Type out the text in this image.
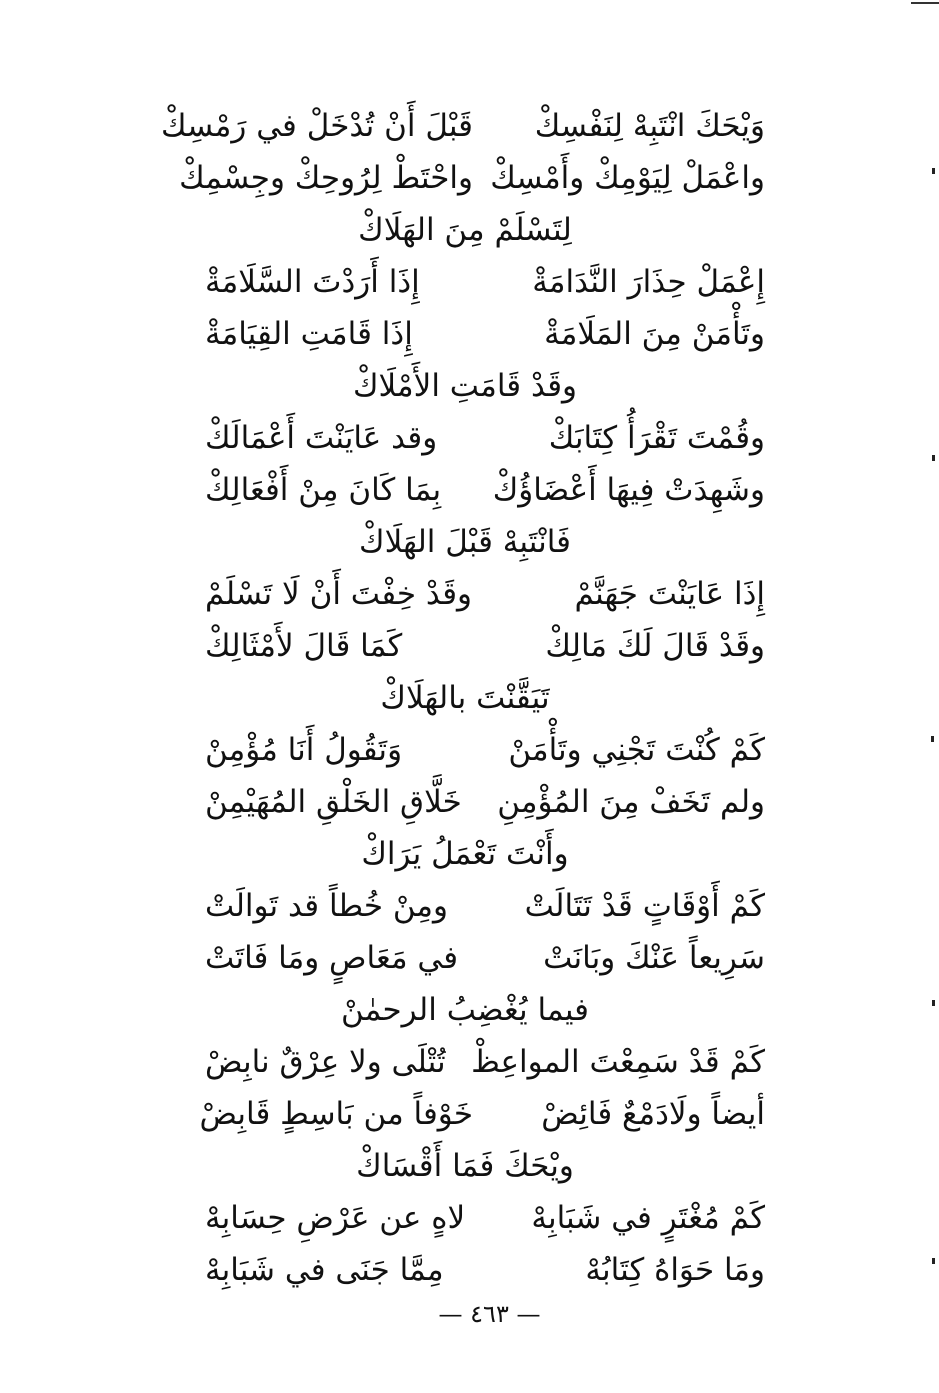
وَيْحَكَ انْتَبِهْ لِنَفْسِكْ
قَبْلَ أَنْ تُدْخَلْ في رَمْسِكْ
واعْمَلْ لِيَوْمِكْ وأَمْسِكْ
واحْتَطْ لِرُوحِكْ وجِسْمِكْ
لِتَسْلَمْ مِنَ الهَلَاكْ
إِعْمَلْ حِذَارَ النَّدَامَةْ
إِذَا أَرَدْتَ السَّلَامَةْ
وتَأْمَنْ مِنَ المَلَامَةْ
إِذَا قَامَتِ القِيَامَةْ
وقَدْ قَامَتِ الأَمْلَاكْ
وقُمْتَ تَقْرَأُ كِتَابَكْ
وقد عَايَنْتَ أَعْمَالَكْ
وشَهِدَتْ فِيهَا أَعْضَاؤُكْ
بِمَا كَانَ مِنْ أَفْعَالِكْ
فَانْتَبِهْ قَبْلَ الهَلَاكْ
إِذَا عَايَنْتَ جَهَنَّمْ
وقَدْ خِفْتَ أَنْ لَا تَسْلَمْ
وقَدْ قَالَ لَكَ مَالِكْ
كَمَا قَالَ لأَمْثَالِكْ
تَيَقَّنْتَ بالهَلَاكْ
كَمْ كُنْتَ تَجْنِي وتَأْمَنْ
وَتَقُولُ أَنَا مُؤْمِنْ
ولم تَخَفْ مِنَ المُؤْمِنِ
خَلَّاقِ الخَلْقِ المُهَيْمِنْ
وأَنْتَ تَعْمَلُ يَرَاكْ
كَمْ أَوْقَاتٍ قَدْ تَتَالَتْ
ومِنْ خُطاً قد تَوالَتْ
سَرِيعاً عَنْكَ وبَانَتْ
في مَعَاصٍ ومَا فَاتَتْ
فيما يُغْضِبُ الرحمٰنْ
كَمْ قَدْ سَمِعْتَ المواعِظْ
تُتْلَى ولا عِرْقٌ نابِضْ
أيضاً ولَادَمْعٌ فَائِضْ
خَوْفاً من بَاسِطٍ قَابِضْ
ويْحَكَ فَمَا أَقْسَاكْ
كَمْ مُغْتَرٍ في شَبَابِهْ
لاهٍ عن عَرْضِ حِسَابِهْ
ومَا حَوَاهُ كِتَابُهْ
مِمَّا جَنَى في شَبَابِهْ
— ٤٦٣ —
